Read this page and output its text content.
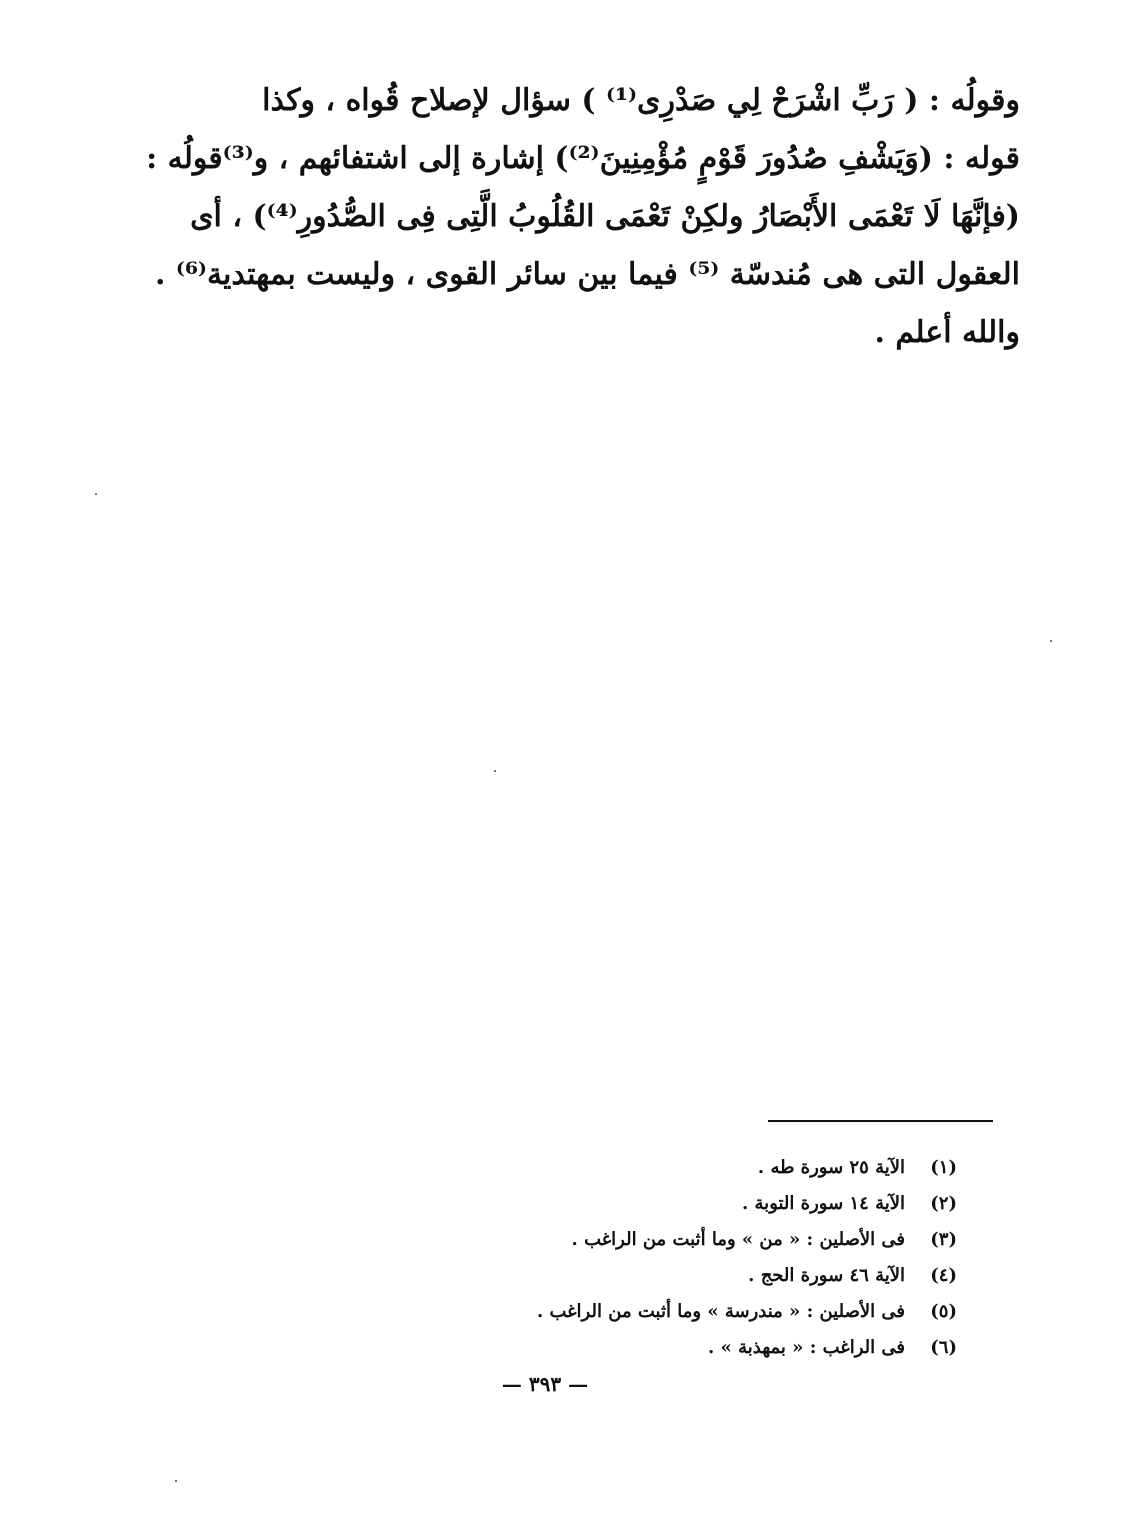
وقولُه : ( رَبِّ اشْرَحْ لِي صَدْرِى⁽¹⁾ ) سؤال لإصلاح قُواه ، وكذا
قوله : (وَيَشْفِ صُدُورَ قَوْمٍ مُؤْمِنِينَ⁽²⁾) إشارة إلى اشتفائهم ، و⁽³⁾قولُه :
(فإنَّهَا لَا تَعْمَى الأَبْصَارُ ولكِنْ تَعْمَى القُلُوبُ الَّتِى فِى الصُّدُورِ⁽⁴⁾) ، أى
العقول التى هى مُندسّة ⁽⁵⁾ فيما بين سائر القوى ، وليست بمهتدية⁽⁶⁾ .
والله أعلم .

(١)
الآية ٢٥ سورة طه .
(٢)
الآية ١٤ سورة التوبة .
(٣)
فى الأصلين : « من » وما أثبت من الراغب .
(٤)
الآية ٤٦ سورة الحج .
(٥)
فى الأصلين : « مندرسة » وما أثبت من الراغب .
(٦)
فى الراغب : « بمهذبة » .
— ٣٩٣ —
